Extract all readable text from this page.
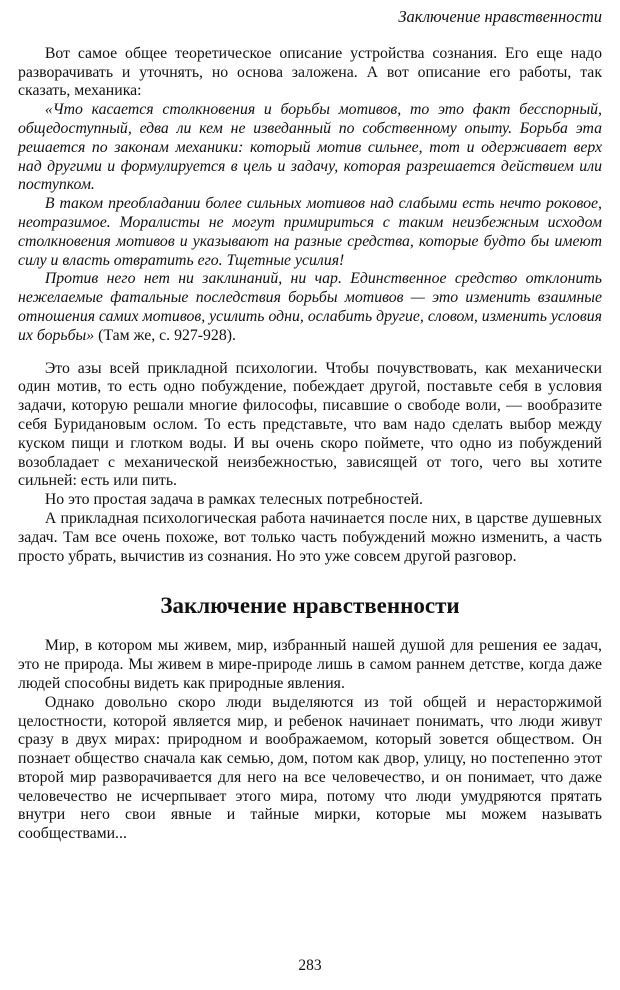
Заключение нравственности

Вот самое общее теоретическое описание устройства сознания. Его еще надо разворачивать и уточнять, но основа заложена. А вот описание его работы, так сказать, механика:

«Что касается столкновения и борьбы мотивов, то это факт бесспорный, общедоступный, едва ли кем не изведанный по собственному опыту. Борьба эта решается по законам механики: который мотив сильнее, тот и одерживает верх над другими и формулируется в цель и задачу, которая разрешается действием или поступком.

В таком преобладании более сильных мотивов над слабыми есть нечто роковое, неотразимое. Моралисты не могут примириться с таким неизбежным исходом столкновения мотивов и указывают на разные средства, которые будто бы имеют силу и власть отвратить его. Тщетные усилия!

Против него нет ни заклинаний, ни чар. Единственное средство отклонить нежелаемые фатальные последствия борьбы мотивов — это изменить взаимные отношения самих мотивов, усилить одни, ослабить другие, словом, изменить условия их борьбы» (Там же, с. 927-928).

Это азы всей прикладной психологии. Чтобы почувствовать, как механически один мотив, то есть одно побуждение, побеждает другой, поставьте себя в условия задачи, которую решали многие философы, писавшие о свободе воли, — вообразите себя Буридановым ослом. То есть представьте, что вам надо сделать выбор между куском пищи и глотком воды. И вы очень скоро поймете, что одно из побуждений возобладает с механической неизбежностью, зависящей от того, чего вы хотите сильней: есть или пить.

Но это простая задача в рамках телесных потребностей.

А прикладная психологическая работа начинается после них, в царстве душевных задач. Там все очень похоже, вот только часть побуждений можно изменить, а часть просто убрать, вычистив из сознания. Но это уже совсем другой разговор.

Заключение нравственности

Мир, в котором мы живем, мир, избранный нашей душой для решения ее задач, это не природа. Мы живем в мире-природе лишь в самом раннем детстве, когда даже людей способны видеть как природные явления.

Однако довольно скоро люди выделяются из той общей и нерасторжимой целостности, которой является мир, и ребенок начинает понимать, что люди живут сразу в двух мирах: природном и воображаемом, который зовется обществом. Он познает общество сначала как семью, дом, потом как двор, улицу, но постепенно этот второй мир разворачивается для него на все человечество, и он понимает, что даже человечество не исчерпывает этого мира, потому что люди умудряются прятать внутри него свои явные и тайные мирки, которые мы можем называть сообществами...

283
